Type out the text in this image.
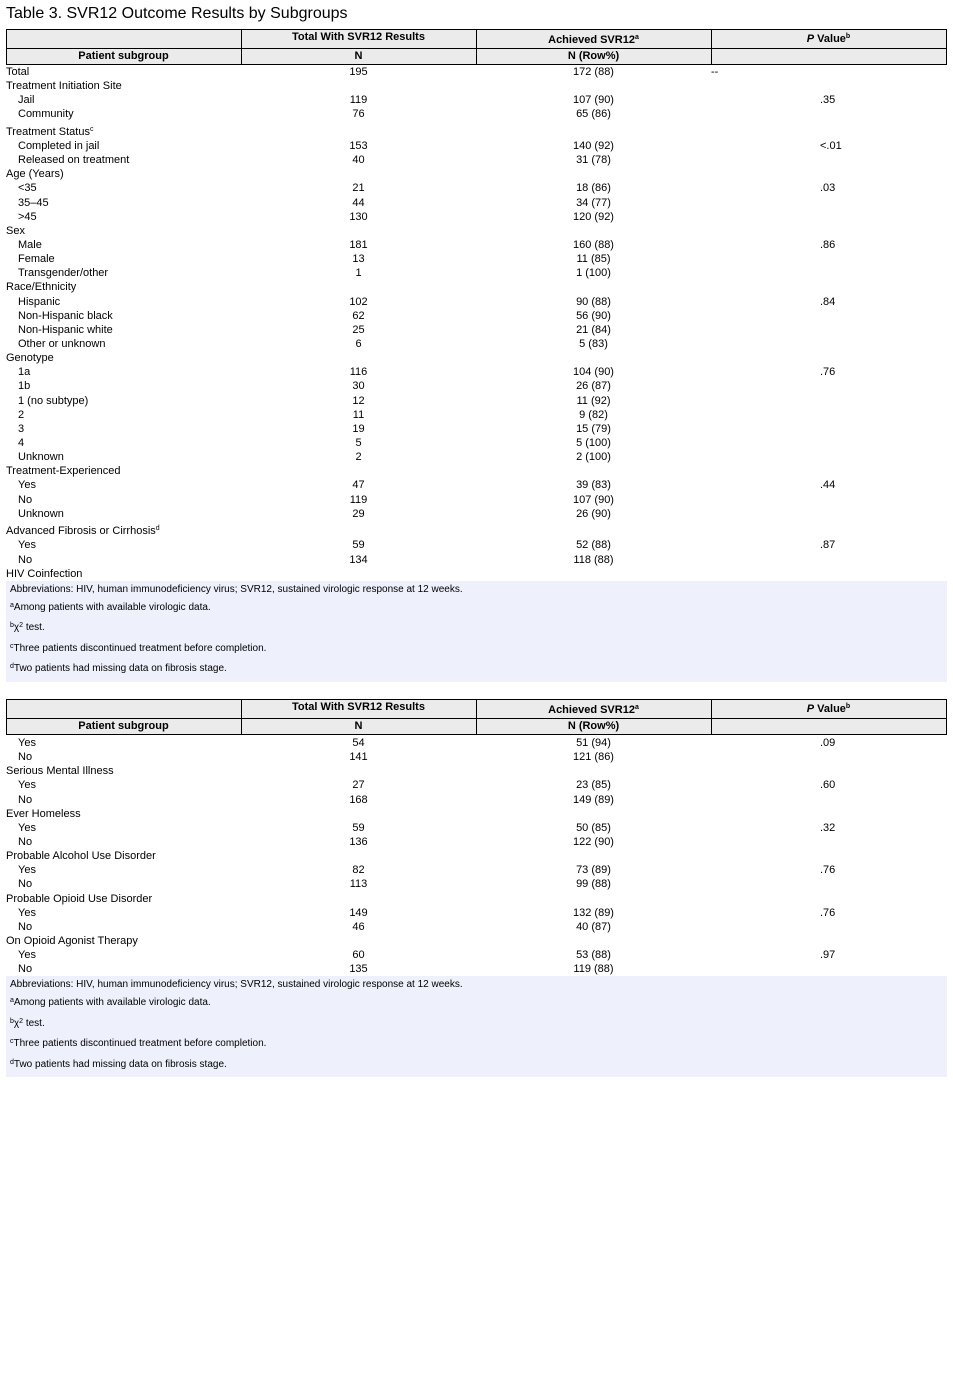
Table 3. SVR12 Outcome Results by Subgroups
Total With SVR12 Results	Achieved SVR12$^a$	P Value$^b$
Patient subgroup	N	N (Row%)
Total	195	172 (88)	--
Treatment Initiation Site
Jail	119	107 (90)	.35
Community	76	65 (86)
Treatment Status$^c$
Completed in jail	153	140 (92)	<.01
Released on treatment	40	31 (78)
Age (Years)
<35	21	18 (86)	.03
35–45	44	34 (77)
>45	130	120 (92)
Sex
Male	181	160 (88)	.86
Female	13	11 (85)
Transgender/other	1	1 (100)
Race/Ethnicity
Hispanic	102	90 (88)	.84
Non-Hispanic black	62	56 (90)
Non-Hispanic white	25	21 (84)
Other or unknown	6	5 (83)
Genotype
1a	116	104 (90)	.76
1b	30	26 (87)
1 (no subtype)	12	11 (92)
2	11	9 (82)
3	19	15 (79)
4	5	5 (100)
Unknown	2	2 (100)
Treatment-Experienced
Yes	47	39 (83)	.44
No	119	107 (90)
Unknown	29	26 (90)
Advanced Fibrosis or Cirrhosis$^d$
Yes	59	52 (88)	.87
No	134	118 (88)
HIV Coinfection
Abbreviations: HIV, human immunodeficiency virus; SVR12, sustained virologic response at 12 weeks.
$^a$Among patients with available virologic data.
$^b\chi^2$ test.
$^c$Three patients discontinued treatment before completion.
$^d$Two patients had missing data on fibrosis stage.
Total With SVR12 Results	Achieved SVR12$^a$	P Value$^b$
Patient subgroup	N	N (Row%)
Yes	54	51 (94)	.09
No	141	121 (86)
Serious Mental Illness
Yes	27	23 (85)	.60
No	168	149 (89)
Ever Homeless
Yes	59	50 (85)	.32
No	136	122 (90)
Probable Alcohol Use Disorder
Yes	82	73 (89)	.76
No	113	99 (88)
Probable Opioid Use Disorder
Yes	149	132 (89)	.76
No	46	40 (87)
On Opioid Agonist Therapy
Yes	60	53 (88)	.97
No	135	119 (88)
Abbreviations: HIV, human immunodeficiency virus; SVR12, sustained virologic response at 12 weeks.
$^a$Among patients with available virologic data.
$^b\chi^2$ test.
$^c$Three patients discontinued treatment before completion.
$^d$Two patients had missing data on fibrosis stage.
